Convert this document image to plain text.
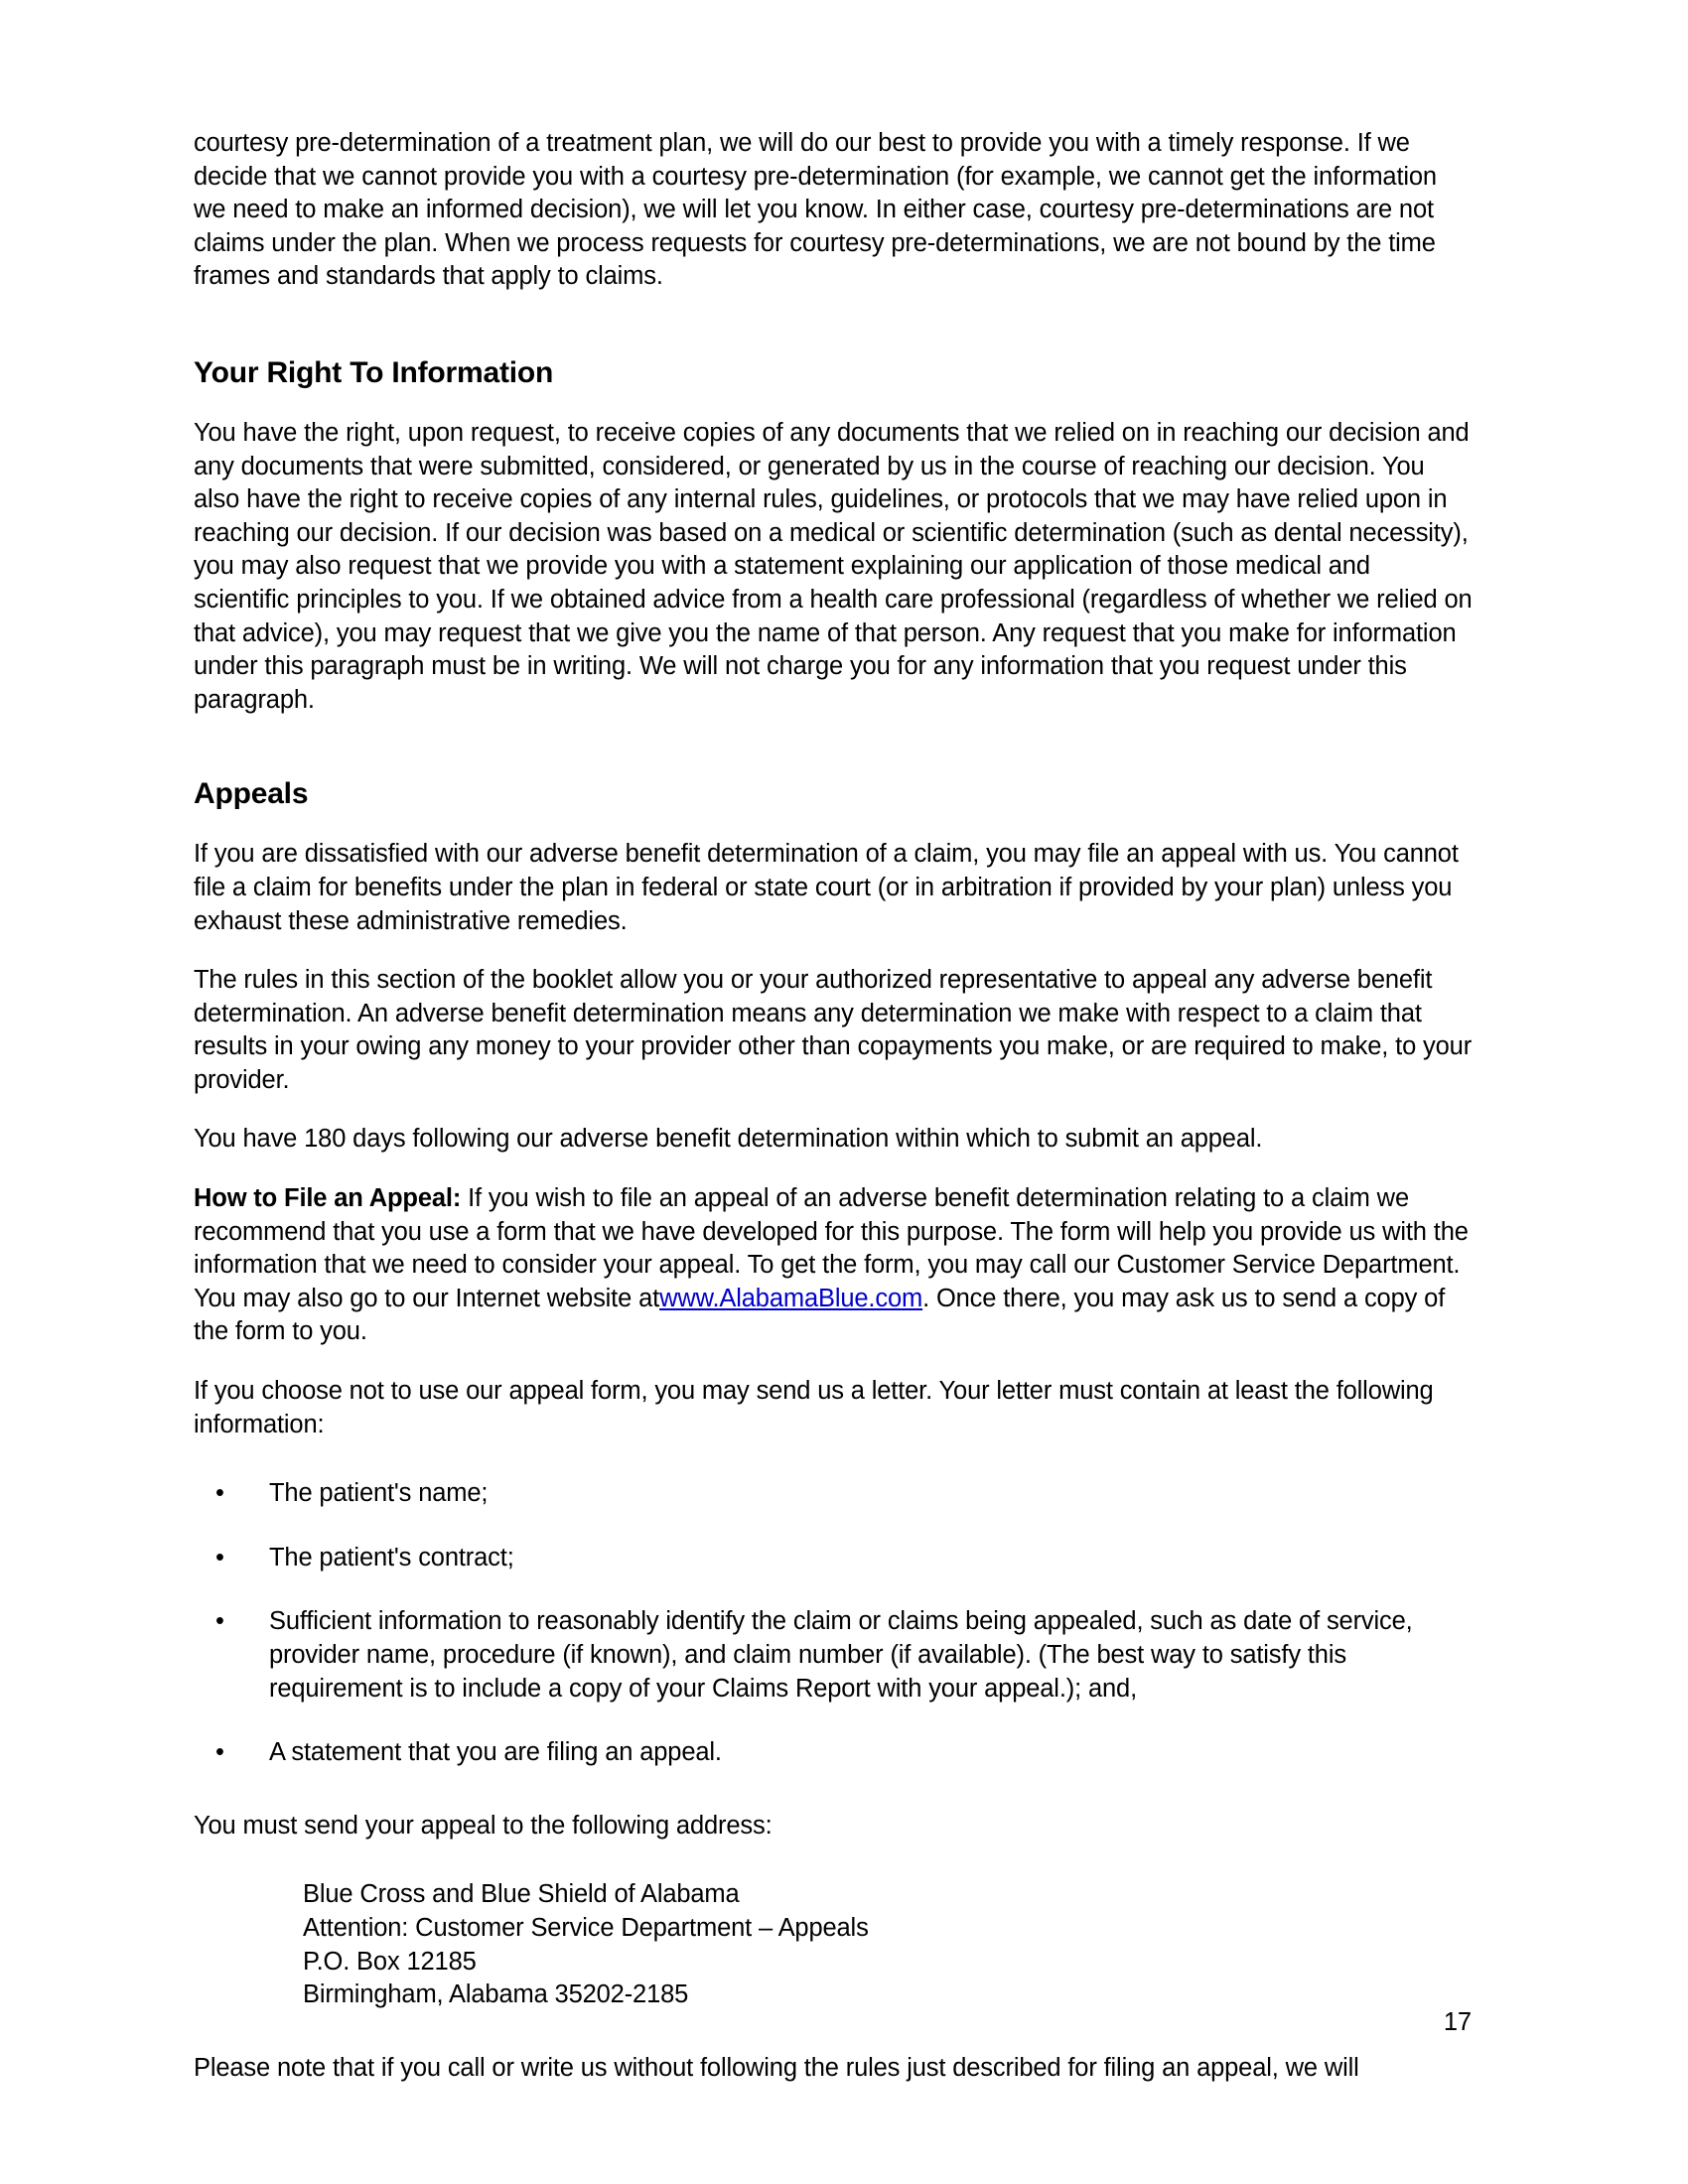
courtesy pre-determination of a treatment plan, we will do our best to provide you with a timely response. If we decide that we cannot provide you with a courtesy pre-determination (for example, we cannot get the information we need to make an informed decision), we will let you know. In either case, courtesy pre-determinations are not claims under the plan. When we process requests for courtesy pre-determinations, we are not bound by the time frames and standards that apply to claims.

Your Right To Information

You have the right, upon request, to receive copies of any documents that we relied on in reaching our decision and any documents that were submitted, considered, or generated by us in the course of reaching our decision. You also have the right to receive copies of any internal rules, guidelines, or protocols that we may have relied upon in reaching our decision. If our decision was based on a medical or scientific determination (such as dental necessity), you may also request that we provide you with a statement explaining our application of those medical and scientific principles to you. If we obtained advice from a health care professional (regardless of whether we relied on that advice), you may request that we give you the name of that person. Any request that you make for information under this paragraph must be in writing. We will not charge you for any information that you request under this paragraph.

Appeals

If you are dissatisfied with our adverse benefit determination of a claim, you may file an appeal with us. You cannot file a claim for benefits under the plan in federal or state court (or in arbitration if provided by your plan) unless you exhaust these administrative remedies.

The rules in this section of the booklet allow you or your authorized representative to appeal any adverse benefit determination. An adverse benefit determination means any determination we make with respect to a claim that results in your owing any money to your provider other than copayments you make, or are required to make, to your provider.

You have 180 days following our adverse benefit determination within which to submit an appeal.

How to File an Appeal: If you wish to file an appeal of an adverse benefit determination relating to a claim we recommend that you use a form that we have developed for this purpose. The form will help you provide us with the information that we need to consider your appeal. To get the form, you may call our Customer Service Department. You may also go to our Internet website atwww.AlabamaBlue.com. Once there, you may ask us to send a copy of the form to you.

If you choose not to use our appeal form, you may send us a letter. Your letter must contain at least the following information:

• The patient's name;
• The patient's contract;
• Sufficient information to reasonably identify the claim or claims being appealed, such as date of service, provider name, procedure (if known), and claim number (if available). (The best way to satisfy this requirement is to include a copy of your Claims Report with your appeal.); and,
• A statement that you are filing an appeal.

You must send your appeal to the following address:

Blue Cross and Blue Shield of Alabama
Attention: Customer Service Department – Appeals
P.O. Box 12185
Birmingham, Alabama 35202-2185

Please note that if you call or write us without following the rules just described for filing an appeal, we will

17
